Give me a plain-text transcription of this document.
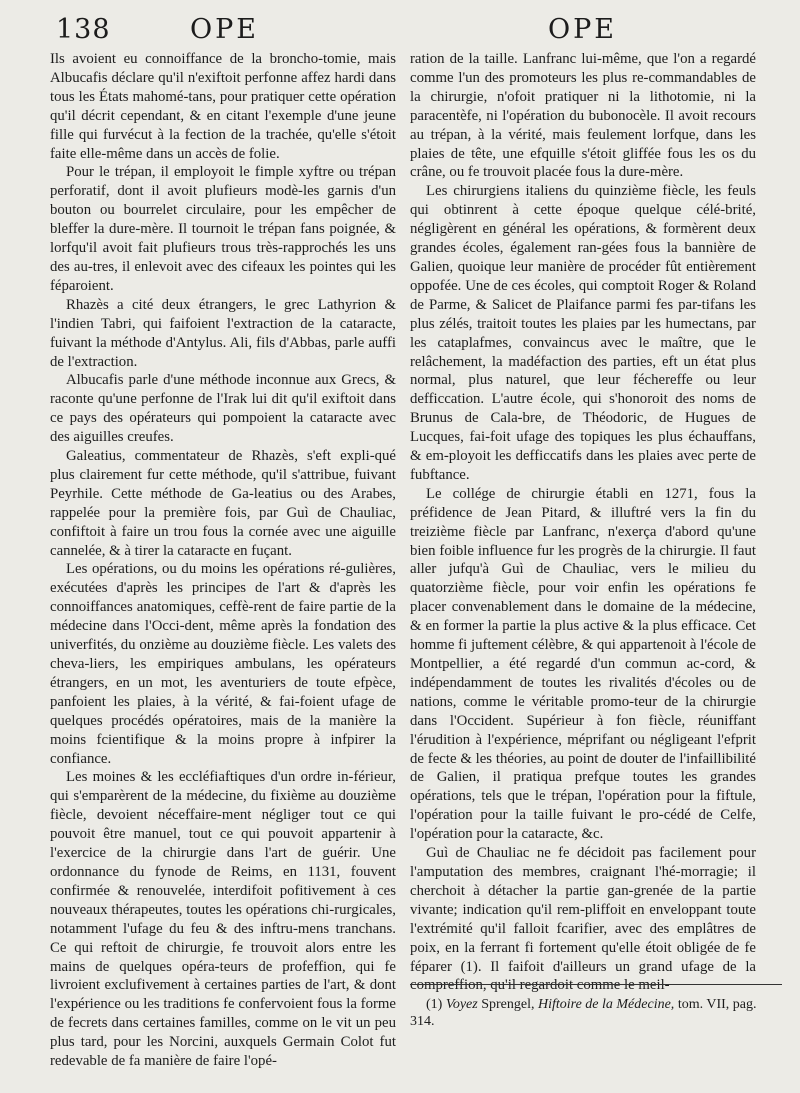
138	OPE	OPE

Ils avoient eu connoiffance de la broncho-tomie, mais Albucafis déclare qu'il n'exiftoit perfonne affez hardi dans tous les États mahomé-tans, pour pratiquer cette opération qu'il décrit cependant, & en citant l'exemple d'une jeune fille qui furvécut à la fection de la trachée, qu'elle s'étoit faite elle-même dans un accès de folie.

Pour le trépan, il employoit le fimple xyftre ou trépan perforatif, dont il avoit plufieurs modè-les garnis d'un bouton ou bourrelet circulaire, pour les empêcher de bleffer la dure-mère. Il tournoit le trépan fans poignée, & lorfqu'il avoit fait plufieurs trous très-rapprochés les uns des au-tres, il enlevoit avec des cifeaux les pointes qui les féparoient.

Rhazès a cité deux étrangers, le grec Lathyrion & l'indien Tabri, qui faifoient l'extraction de la cataracte, fuivant la méthode d'Antylus. Ali, fils d'Abbas, parle auffi de l'extraction.

Albucafis parle d'une méthode inconnue aux Grecs, & raconte qu'une perfonne de l'Irak lui dit qu'il exiftoit dans ce pays des opérateurs qui pompoient la cataracte avec des aiguilles creufes.

Galeatius, commentateur de Rhazès, s'eft expli-qué plus clairement fur cette méthode, qu'il s'attribue, fuivant Peyrhile. Cette méthode de Ga-leatius ou des Arabes, rappelée pour la première fois, par Guì de Chauliac, confiftoit à faire un trou fous la cornée avec une aiguille cannelée, & à tirer la cataracte en fuçant.

Les opérations, ou du moins les opérations ré-gulières, exécutées d'après les principes de l'art & d'après les connoiffances anatomiques, ceffè-rent de faire partie de la médecine dans l'Occi-dent, même après la fondation des univerfités, du onzième au douzième fiècle. Les valets des cheva-liers, les empiriques ambulans, les opérateurs étrangers, en un mot, les aventuriers de toute efpèce, panfoient les plaies, à la vérité, & fai-foient ufage de quelques procédés opératoires, mais de la manière la moins fcientifique & la moins propre à infpirer la confiance.

Les moines & les eccléfiaftiques d'un ordre in-férieur, qui s'emparèrent de la médecine, du fixième au douzième fiècle, devoient néceffaire-ment négliger tout ce qui pouvoit être manuel, tout ce qui pouvoit appartenir à l'exercice de la chirurgie dans l'art de guérir. Une ordonnance du fynode de Reims, en 1131, fouvent confirmée & renouvelée, interdifoit pofitivement à ces nouveaux thérapeutes, toutes les opérations chi-rurgicales, notamment l'ufage du feu & des inftru-mens tranchans. Ce qui reftoit de chirurgie, fe trouvoit alors entre les mains de quelques opéra-teurs de profeffion, qui fe livroient exclufivement à certaines parties de l'art, & dont l'expérience ou les traditions fe confervoient fous la forme de fecrets dans certaines familles, comme on le vit un peu plus tard, pour les Norcini, auxquels Germain Colot fut redevable de fa manière de faire l'opé-

ration de la taille. Lanfranc lui-même, que l'on a regardé comme l'un des promoteurs les plus re-commandables de la chirurgie, n'ofoit pratiquer ni la lithotomie, ni la paracentèfe, ni l'opération du bubonocèle. Il avoit recours au trépan, à la vérité, mais feulement lorfque, dans les plaies de tête, une efquille s'étoit gliffée fous les os du crâne, ou fe trouvoit placée fous la dure-mère.

Les chirurgiens italiens du quinzième fiècle, les feuls qui obtinrent à cette époque quelque célé-brité, négligèrent en général les opérations, & formèrent deux grandes écoles, également ran-gées fous la bannière de Galien, quoique leur manière de procéder fût entièrement oppofée. Une de ces écoles, qui comptoit Roger & Roland de Parme, & Salicet de Plaifance parmi fes par-tifans les plus zélés, traitoit toutes les plaies par les humectans, par les cataplafmes, convaincus avec le maître, que le relâchement, la madéfaction des parties, eft un état plus normal, plus naturel, que leur féchereffe ou leur defficcation. L'autre école, qui s'honoroit des noms de Brunus de Cala-bre, de Théodoric, de Hugues de Lucques, fai-foit ufage des topiques les plus échauffans, & em-ployoit les defficcatifs dans les plaies avec perte de fubftance.

Le collége de chirurgie établi en 1271, fous la préfidence de Jean Pitard, & illuftré vers la fin du treizième fiècle par Lanfranc, n'exerça d'abord qu'une bien foible influence fur les progrès de la chirurgie. Il faut aller jufqu'à Guì de Chauliac, vers le milieu du quatorzième fiècle, pour voir enfin les opérations fe placer convenablement dans le domaine de la médecine, & en former la partie la plus active & la plus efficace. Cet homme fi juftement célèbre, & qui appartenoit à l'école de Montpellier, a été regardé d'un commun ac-cord, & indépendamment de toutes les rivalités d'écoles ou de nations, comme le véritable promo-teur de la chirurgie dans l'Occident. Supérieur à fon fiècle, réuniffant l'érudition à l'expérience, méprifant ou négligeant l'efprit de fecte & les théories, au point de douter de l'infaillibilité de Galien, il pratiqua prefque toutes les grandes opérations, tels que le trépan, l'opération pour la fiftule, l'opération pour la taille fuivant le pro-cédé de Celfe, l'opération pour la cataracte, &c.

Guì de Chauliac ne fe décidoit pas facilement pour l'amputation des membres, craignant l'hé-morragie; il cherchoit à détacher la partie gan-grenée de la partie vivante; indication qu'il rem-pliffoit en enveloppant toute l'extrémité qu'il falloit fcarifier, avec des emplâtres de poix, en la ferrant fi fortement qu'elle étoit obligée de fe féparer (1). Il faifoit d'ailleurs un grand ufage de la compreffion, qu'il regardoit comme le meil-

(1) Voyez Sprengel, Hiftoire de la Médecine, tom. VII, pag. 314.
